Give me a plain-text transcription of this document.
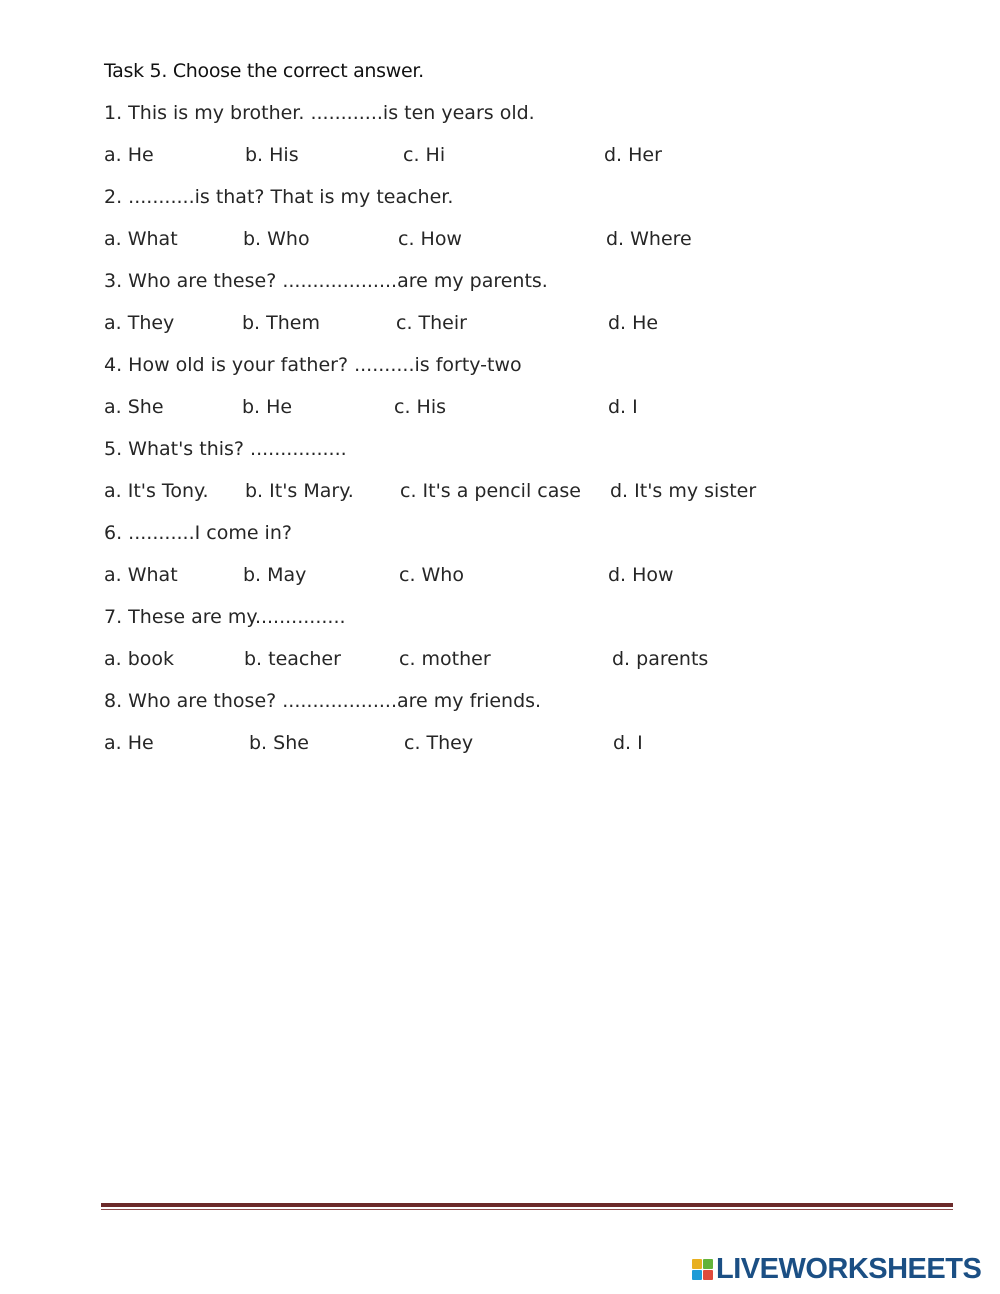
Task 5. Choose the correct answer.
1. This is my brother. ............is ten years old.
a. He	b. His	c. Hi	d. Her
2. ...........is that? That is my teacher.
a. What	b. Who	c. How	d. Where
3. Who are these? ...................are my parents.
a. They	b. Them	c. Their	d. He
4. How old is your father? ..........is forty-two
a. She	b. He	c. His	d. I
5. What's this? ................
a. It's Tony. b. It's Mary. c. It's a pencil case d. It's my sister
6. ...........I come in?
a. What	b. May	c. Who	d. How
7. These are my...............
a. book	b. teacher	c. mother	d. parents
8. Who are those? ...................are my friends.
a. He	b. She	c. They	d. I
LIVEWORKSHEETS
